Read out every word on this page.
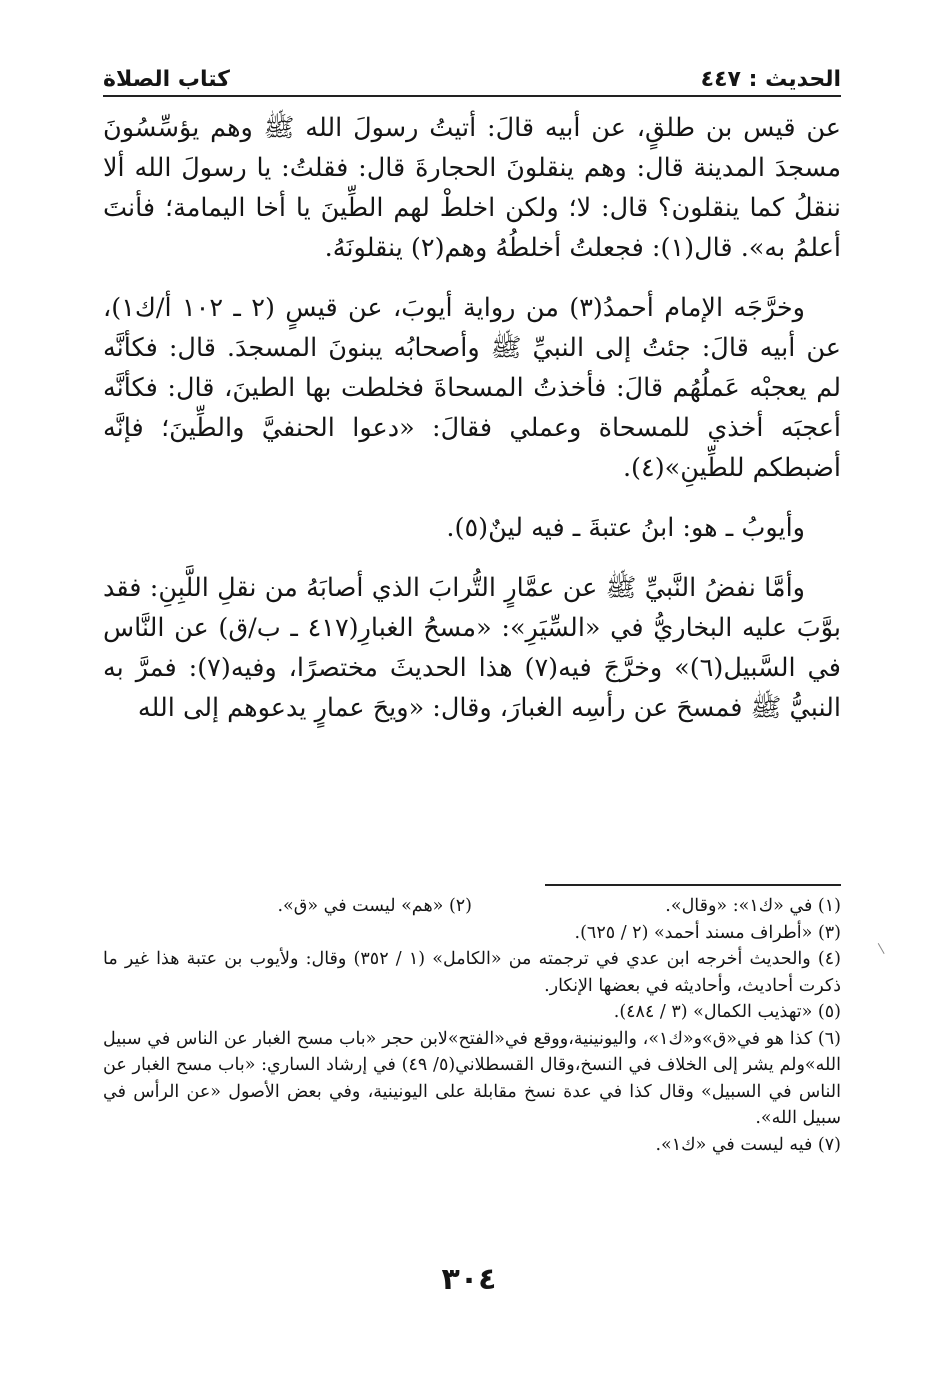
كتاب الصلاة	الحديث : ٤٤٧

عن قيس بن طلقٍ، عن أبيه قالَ: أتيتُ رسولَ الله ﷺ وهم يؤسِّسُونَ مسجدَ المدينة قال: وهم ينقلونَ الحجارةَ قال: فقلتُ: يا رسولَ الله ألا ننقلُ كما ينقلون؟ قال: لا؛ ولكن اخلطْ لهم الطِّينَ يا أخا اليمامة؛ فأنتَ أعلمُ به». قال(١): فجعلتُ أخلطُهُ وهم(٢) ينقلونَهُ.

وخرَّجَه الإمام أحمدُ(٣) من رواية أيوبَ، عن قيسٍ (٢ ـ ١٠٢ أ/ك١)، عن أبيه قالَ: جئتُ إلى النبيِّ ﷺ وأصحابُه يبنونَ المسجدَ. قال: فكأنَّه لم يعجبْه عَملُهُم قالَ: فأخذتُ المسحاةَ فخلطت بها الطينَ، قال: فكأنَّه أعجبَه أخذي للمسحاة وعملي فقالَ: «دعوا الحنفيَّ والطِّينَ؛ فإنَّه أضبطكم للطِّينِ»(٤).

وأيوبُ ـ هو: ابنُ عتبةَ ـ فيه لينٌ(٥).

وأمَّا نفضُ النَّبيِّ ﷺ عن عمَّارٍ التُّرابَ الذي أصابَهُ من نقلِ اللَّبِنِ: فقد بوَّبَ عليه البخاريُّ في «السِّيَرِ»: «مسحُ الغبارِ(٤١٧ ـ ب/ق) عن النَّاس في السَّبيل(٦)» وخرَّجَ فيه(٧) هذا الحديثَ مختصرًا، وفيه(٧): فمرَّ به النبيُّ ﷺ فمسحَ عن رأسِه الغبارَ، وقال: «ويحَ عمارٍ يدعوهم إلى الله

(١) في «ك١»: «وقال».

(٢) «هم» ليست في «ق».

(٣) «أطراف مسند أحمد» (٢ / ٦٢٥).

(٤) والحديث أخرجه ابن عدي في ترجمته من «الكامل» (١ / ٣٥٢) وقال: ولأيوب بن عتبة هذا غير ما ذكرت أحاديث، وأحاديثه في بعضها الإنكار.

(٥) «تهذيب الكمال» (٣ / ٤٨٤).

(٦) كذا هو في«ق»و«ك١»، واليونينية،ووقع في«الفتح»لابن حجر «باب مسح الغبار عن الناس في سبيل الله»ولم يشر إلى الخلاف في النسخ،وقال القسطلاني(٥/ ٤٩) في إرشاد الساري: «باب مسح الغبار عن الناس في السبيل» وقال كذا في عدة نسخ مقابلة على اليونينية، وفي بعض الأصول «عن الرأس في سبيل الله».

(٧) فيه ليست في «ك١».

٣٠٤
